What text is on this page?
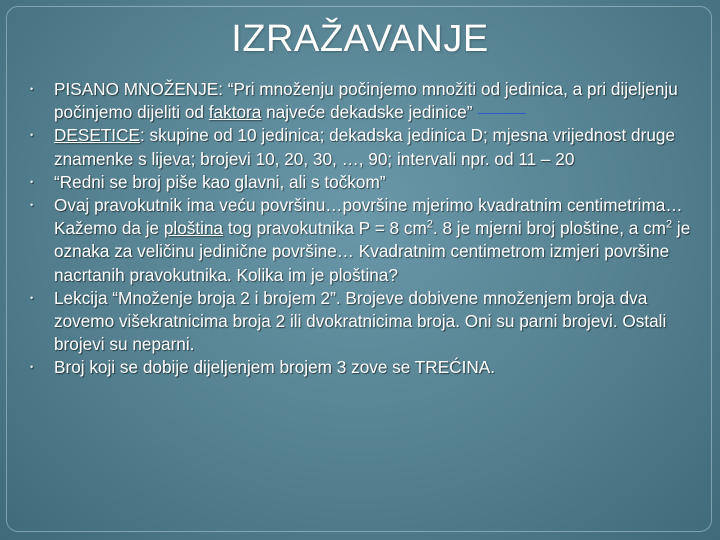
IZRAŽAVANJE
• PISANO MNOŽENJE: “Pri množenju počinjemo množiti od jedinica, a pri dijeljenju počinjemo dijeliti od faktora najveće dekadske jedinice”
• DESETICE: skupine od 10 jedinica; dekadska jedinica D; mjesna vrijednost druge znamenke s lijeva; brojevi 10, 20, 30, …, 90; intervali npr. od 11 – 20
• “Redni se broj piše kao glavni, ali s točkom”
• Ovaj pravokutnik ima veću površinu…površine mjerimo kvadratnim centimetrima… Kažemo da je ploština tog pravokutnika P = 8 $cm^2$. 8 je mjerni broj ploštine, a $cm^2$ je oznaka za veličinu jedinične površine… Kvadratnim centimetrom izmjeri površine nacrtanih pravokutnika. Kolika im je ploština?
• Lekcija “Množenje broja 2 i brojem 2”. Brojeve dobivene množenjem broja dva zovemo višekratnicima broja 2 ili dvokratnicima broja. Oni su parni brojevi. Ostali brojevi su neparni.
• Broj koji se dobije dijeljenjem brojem 3 zove se TREĆINA.
